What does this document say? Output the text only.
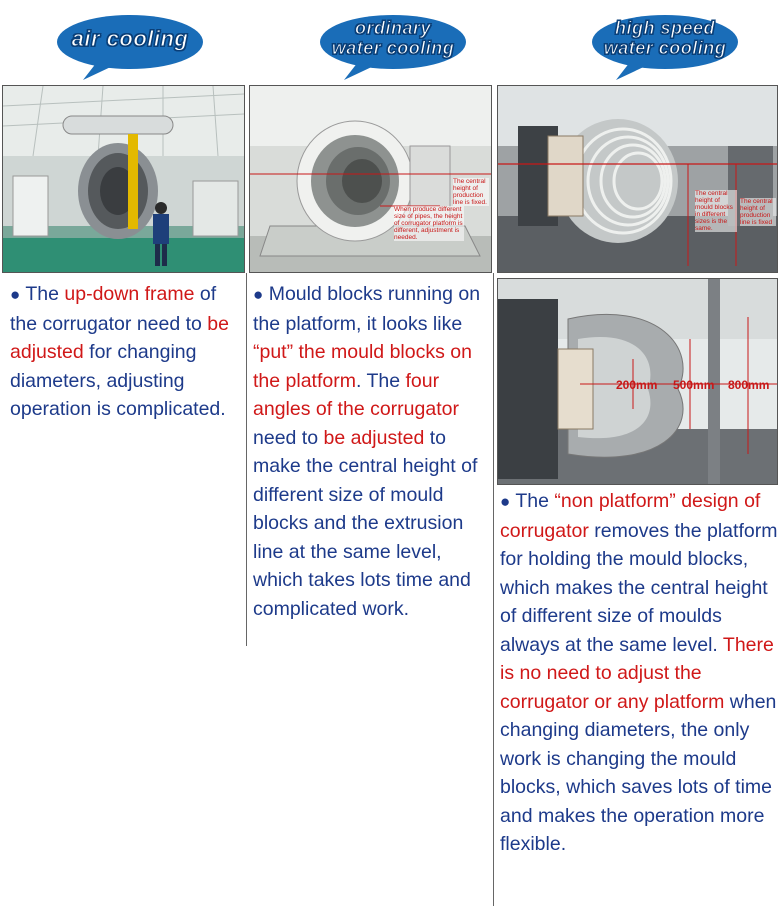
air cooling	ordinary
water cooling
high speed
water cooling
When produce different size of pipes, the height of corrugator platform is different, adjustment is needed.
The central height of production line is fixed.
The central height of mould blocks in different sizes is the same.
The central height of production line is fixed
200mm 500mm 800mm
● The up-down frame of the corrugator need to be adjusted for changing diameters, adjusting operation is complicated.
● Mould blocks running on the platform, it looks like “put” the mould blocks on the platform. The four angles of the corrugator need to be adjusted to make the central height of different size of mould blocks and the extrusion line at the same level, which takes lots time and complicated work.
● The “non platform” design of corrugator removes the platform for holding the mould blocks, which makes the central height of different size of moulds always at the same level. There is no need to adjust the corrugator or any platform when changing diameters, the only work is changing the mould blocks, which saves lots of time and makes the operation more flexible.
